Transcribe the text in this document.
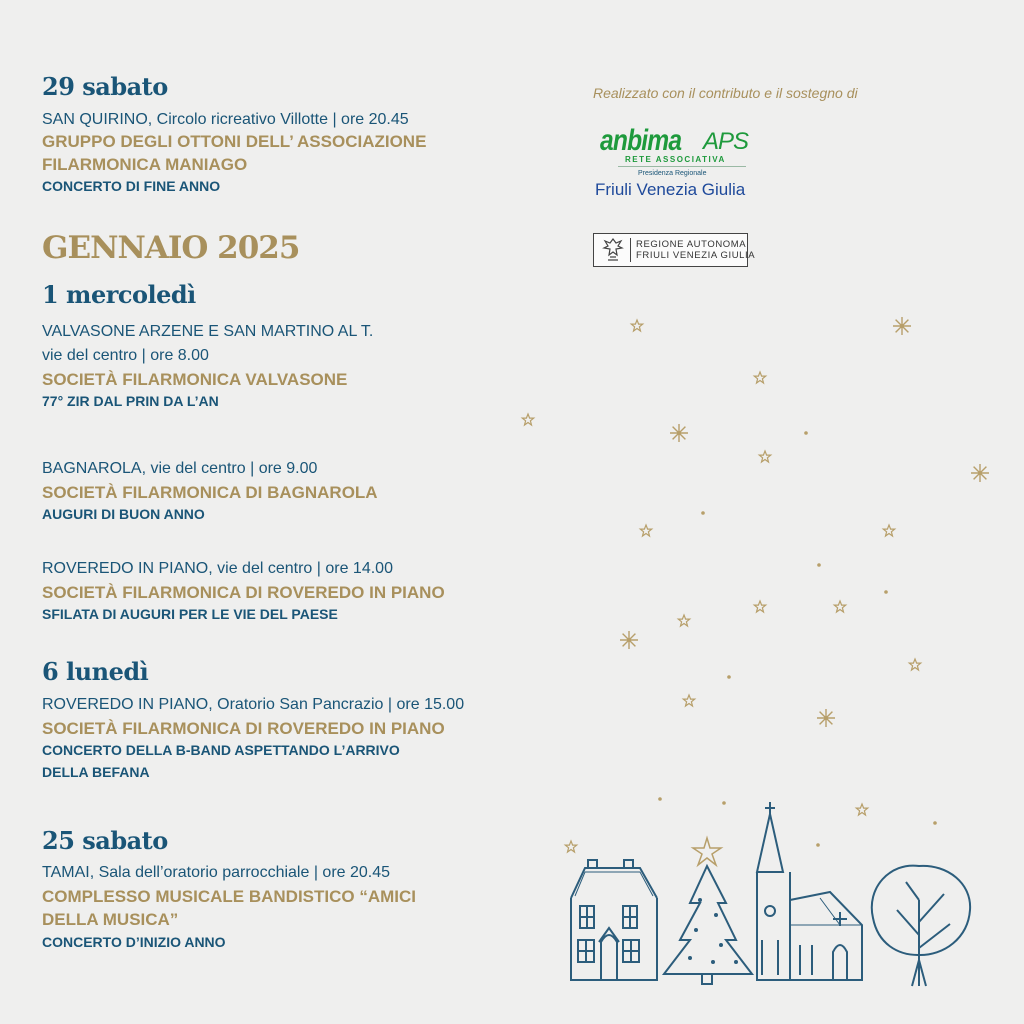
29 sabato

SAN QUIRINO, Circolo ricreativo Villotte | ore 20.45

GRUPPO DEGLI OTTONI DELL’ ASSOCIAZIONE

FILARMONICA MANIAGO

CONCERTO DI FINE ANNO

GENNAIO 2025
1 mercoledì

VALVASONE ARZENE E SAN MARTINO AL T.

vie del centro | ore 8.00

SOCIETÀ FILARMONICA VALVASONE

77° ZIR DAL PRIN DA L’AN

BAGNAROLA, vie del centro | ore 9.00

SOCIETÀ FILARMONICA DI BAGNAROLA

AUGURI DI BUON ANNO

ROVEREDO IN PIANO, vie del centro | ore 14.00

SOCIETÀ FILARMONICA DI ROVEREDO IN PIANO

SFILATA DI AUGURI PER LE VIE DEL PAESE

6 lunedì

ROVEREDO IN PIANO, Oratorio San Pancrazio | ore 15.00

SOCIETÀ FILARMONICA DI ROVEREDO IN PIANO

CONCERTO DELLA B-BAND ASPETTANDO L’ARRIVO

DELLA BEFANA

25 sabato

TAMAI, Sala dell’oratorio parrocchiale | ore 20.45

COMPLESSO MUSICALE BANDISTICO “AMICI

DELLA MUSICA”

CONCERTO D’INIZIO ANNO

Realizzato con il contributo e il sostegno di

anbima APS
RETE ASSOCIATIVA
Presidenza Regionale
Friuli Venezia Giulia
REGIONE AUTONOMA
FRIULI VENEZIA GIULIA
